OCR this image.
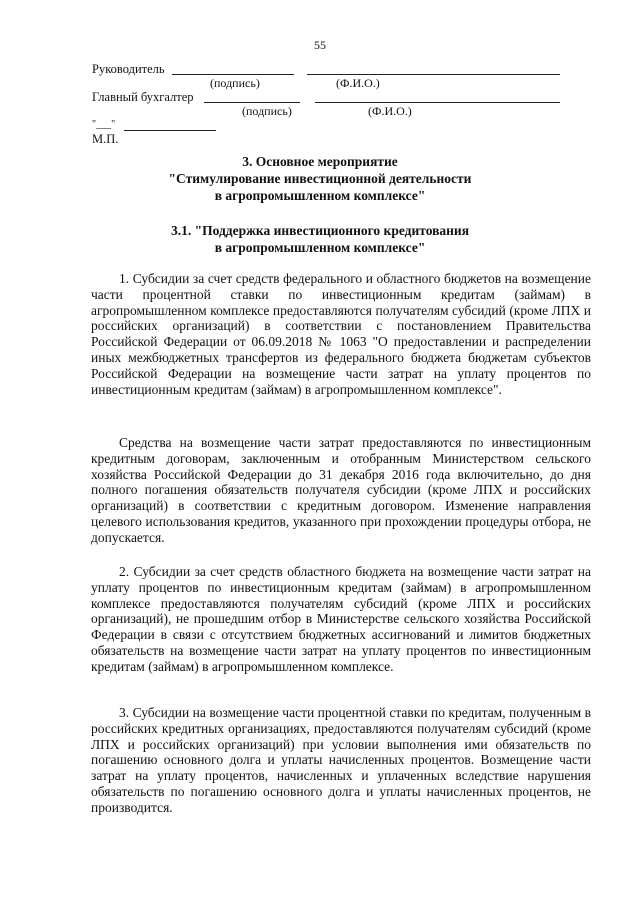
55
Руководитель
(подпись)	(Ф.И.О.)
Главный бухгалтер
(подпись)	(Ф.И.О.)
"___"
М.П.
3. Основное мероприятие
"Стимулирование инвестиционной деятельности
в агропромышленном комплексе"
3.1. "Поддержка инвестиционного кредитования
в агропромышленном комплексе"

1. Субсидии за счет средств федерального и областного бюджетов на возмещение части процентной ставки по инвестиционным кредитам (займам) в агропромышленном комплексе предоставляются получателям субсидий (кроме ЛПХ и российских организаций) в соответствии с постановлением Правительства Российской Федерации от 06.09.2018 № 1063 "О предоставлении и распределении иных межбюджетных трансфертов из федерального бюджета бюджетам субъектов Российской Федерации на возмещение части затрат на уплату процентов по инвестиционным кредитам (займам) в агропромышленном комплексе".

Средства на возмещение части затрат предоставляются по инвестиционным кредитным договорам, заключенным и отобранным Министерством сельского хозяйства Российской Федерации до 31 декабря 2016 года включительно, до дня полного погашения обязательств получателя субсидии (кроме ЛПХ и российских организаций) в соответствии с кредитным договором. Изменение направления целевого использования кредитов, указанного при прохождении процедуры отбора, не допускается.

2. Субсидии за счет средств областного бюджета на возмещение части затрат на уплату процентов по инвестиционным кредитам (займам) в агропромышленном комплексе предоставляются получателям субсидий (кроме ЛПХ и российских организаций), не прошедшим отбор в Министерстве сельского хозяйства Российской Федерации в связи с отсутствием бюджетных ассигнований и лимитов бюджетных обязательств на возмещение части затрат на уплату процентов по инвестиционным кредитам (займам) в агропромышленном комплексе.

3. Субсидии на возмещение части процентной ставки по кредитам, полученным в российских кредитных организациях, предоставляются получателям субсидий (кроме ЛПХ и российских организаций) при условии выполнения ими обязательств по погашению основного долга и уплаты начисленных процентов. Возмещение части затрат на уплату процентов, начисленных и уплаченных вследствие нарушения обязательств по погашению основного долга и уплаты начисленных процентов, не производится.
